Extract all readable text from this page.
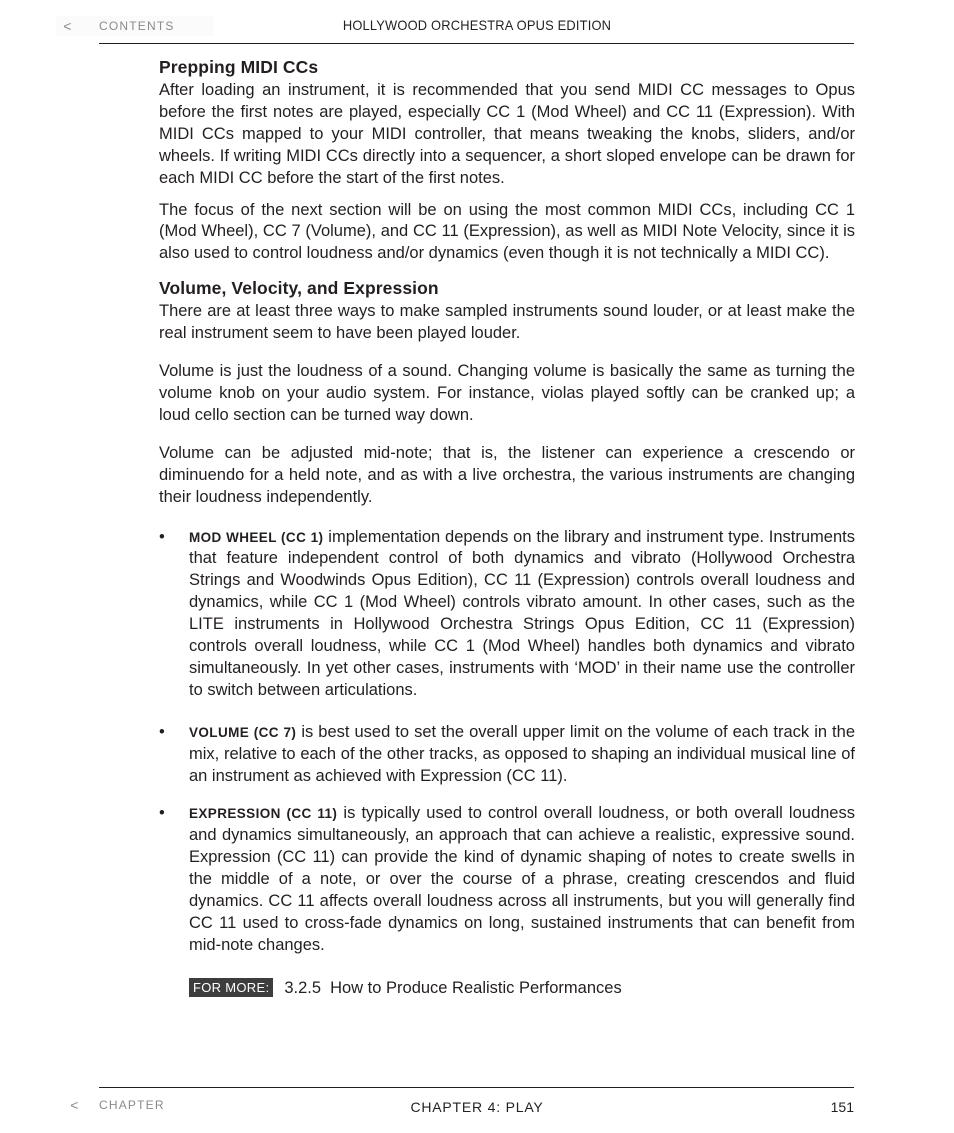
<	CONTENTS	HOLLYWOOD ORCHESTRA OPUS EDITION
Prepping MIDI CCs

After loading an instrument, it is recommended that you send MIDI CC messages to Opus before the first notes are played, especially CC 1 (Mod Wheel) and CC 11 (Expression). With MIDI CCs mapped to your MIDI controller, that means tweaking the knobs, sliders, and/or wheels. If writing MIDI CCs directly into a sequencer, a short sloped envelope can be drawn for each MIDI CC before the start of the first notes.

The focus of the next section will be on using the most common MIDI CCs, including CC 1 (Mod Wheel), CC 7 (Volume), and CC 11 (Expression), as well as MIDI Note Velocity, since it is also used to control loudness and/or dynamics (even though it is not technically a MIDI CC).

Volume, Velocity, and Expression

There are at least three ways to make sampled instruments sound louder, or at least make the real instrument seem to have been played louder.

Volume is just the loudness of a sound. Changing volume is basically the same as turning the volume knob on your audio system. For instance, violas played softly can be cranked up; a loud cello section can be turned way down.

Volume can be adjusted mid-note; that is, the listener can experience a crescendo or diminuendo for a held note, and as with a live orchestra, the various instruments are changing their loudness independently.

•	MOD WHEEL (CC 1) implementation depends on the library and instrument type. Instruments that feature independent control of both dynamics and vibrato (Hollywood Orchestra Strings and Woodwinds Opus Edition), CC 11 (Expression) controls overall loudness and dynamics, while CC 1 (Mod Wheel) controls vibrato amount. In other cases, such as the LITE instruments in Hollywood Orchestra Strings Opus Edition, CC 11 (Expression) controls overall loudness, while CC 1 (Mod Wheel) handles both dynamics and vibrato simultaneously. In yet other cases, instruments with ‘MOD’ in their name use the controller to switch between articulations.
•	VOLUME (CC 7) is best used to set the overall upper limit on the volume of each track in the mix, relative to each of the other tracks, as opposed to shaping an individual musical line of an instrument as achieved with Expression (CC 11).
•	EXPRESSION (CC 11) is typically used to control overall loudness, or both overall loudness and dynamics simultaneously, an approach that can achieve a realistic, expressive sound. Expression (CC 11) can provide the kind of dynamic shaping of notes to create swells in the middle of a note, or over the course of a phrase, creating crescendos and fluid dynamics. CC 11 affects overall loudness across all instruments, but you will generally find CC 11 used to cross-fade dynamics on long, sustained instruments that can benefit from mid-note changes.
FOR MORE: 3.2.5 How to Produce Realistic Performances
<	CHAPTER	CHAPTER 4: PLAY	151
